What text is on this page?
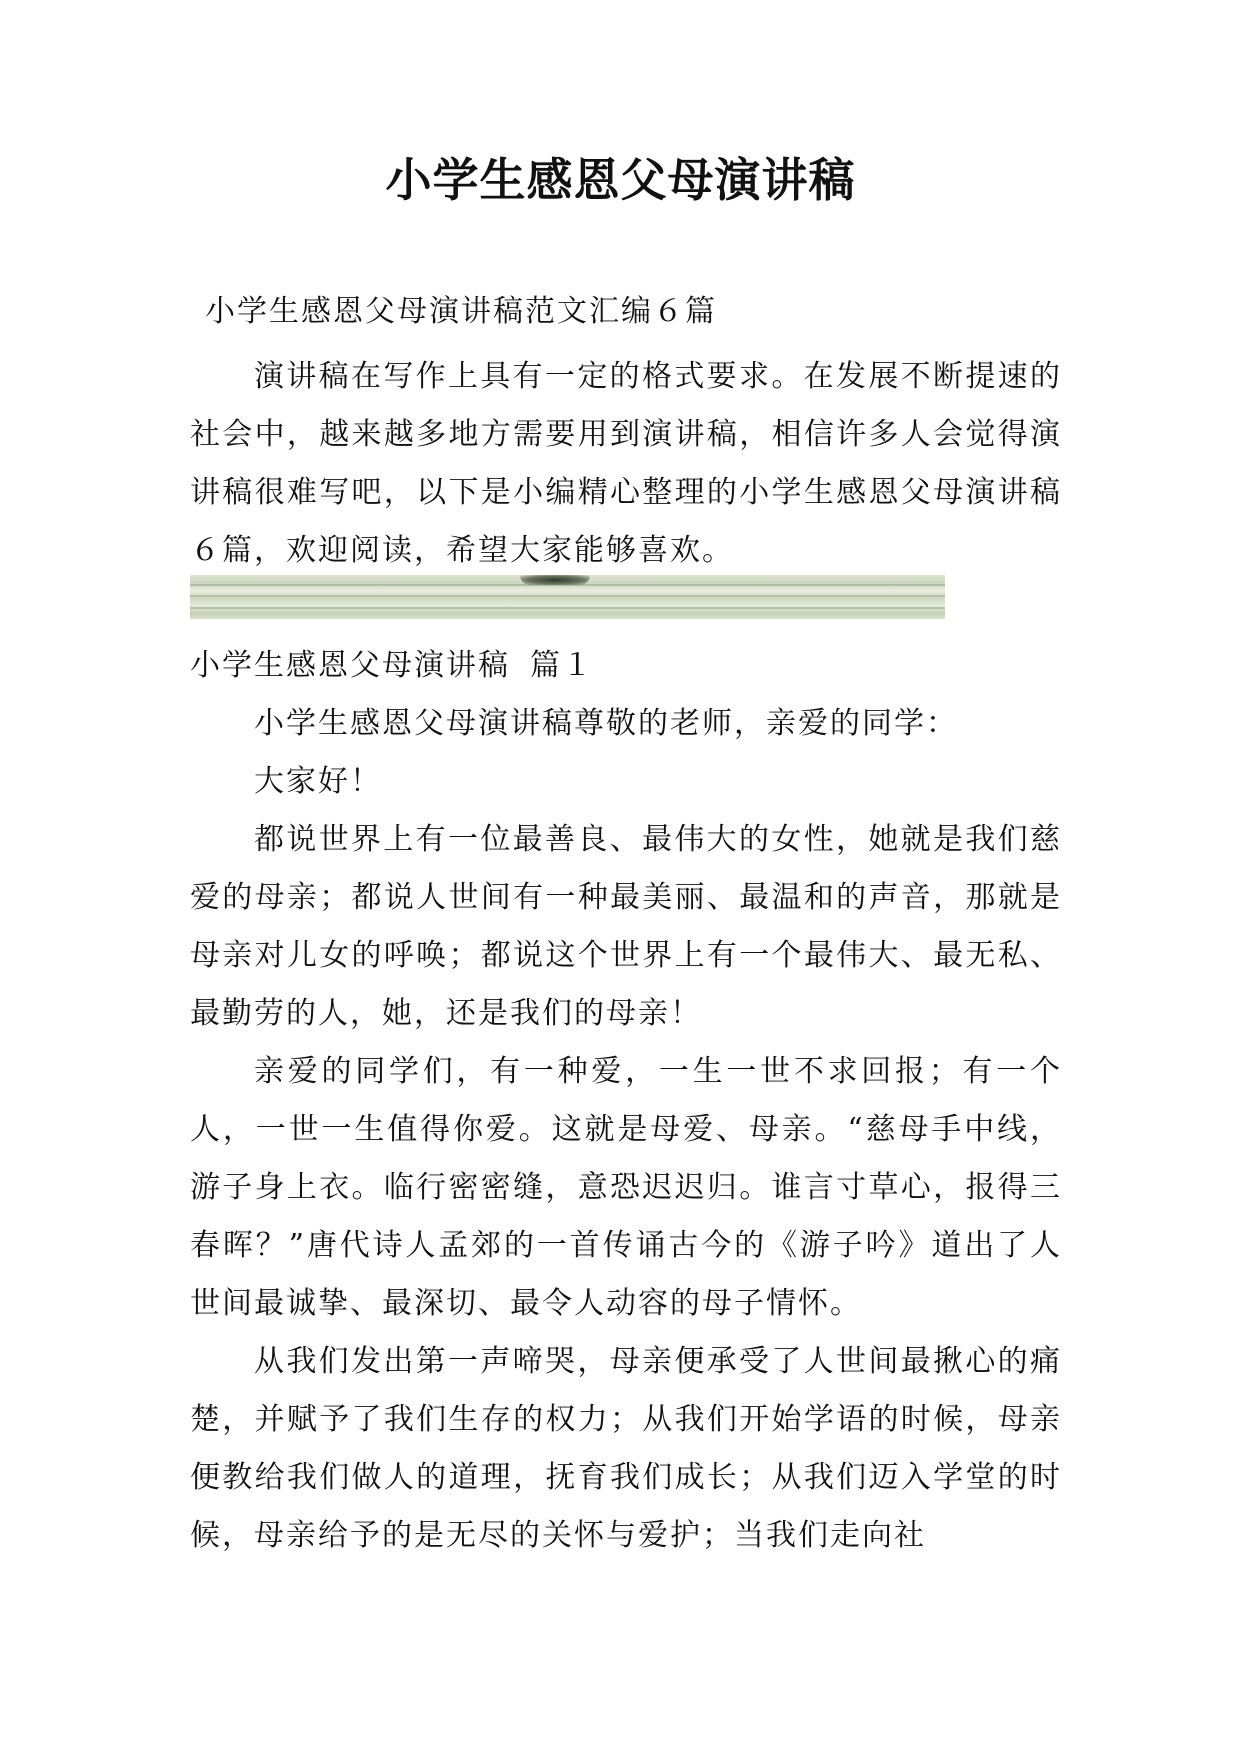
小学生感恩父母演讲稿
小学生感恩父母演讲稿范文汇编６篇

演讲稿在写作上具有一定的格式要求。在发展不断提速的社会中，越来越多地方需要用到演讲稿，相信许多人会觉得演讲稿很难写吧，以下是小编精心整理的小学生感恩父母演讲稿６篇，欢迎阅读，希望大家能够喜欢。

小学生感恩父母演讲稿 篇１

小学生感恩父母演讲稿尊敬的老师，亲爱的同学：

大家好！

都说世界上有一位最善良、最伟大的女性，她就是我们慈爱的母亲；都说人世间有一种最美丽、最温和的声音，那就是母亲对儿女的呼唤；都说这个世界上有一个最伟大、最无私、最勤劳的人，她，还是我们的母亲！

亲爱的同学们，有一种爱，一生一世不求回报；有一个人，一世一生值得你爱。这就是母爱、母亲。“慈母手中线，游子身上衣。临行密密缝，意恐迟迟归。谁言寸草心，报得三春晖？”唐代诗人孟郊的一首传诵古今的《游子吟》道出了人世间最诚挚、最深切、最令人动容的母子情怀。

从我们发出第一声啼哭，母亲便承受了人世间最揪心的痛楚，并赋予了我们生存的权力；从我们开始学语的时候，母亲便教给我们做人的道理，抚育我们成长；从我们迈入学堂的时候，母亲给予的是无尽的关怀与爱护；当我们走向社
